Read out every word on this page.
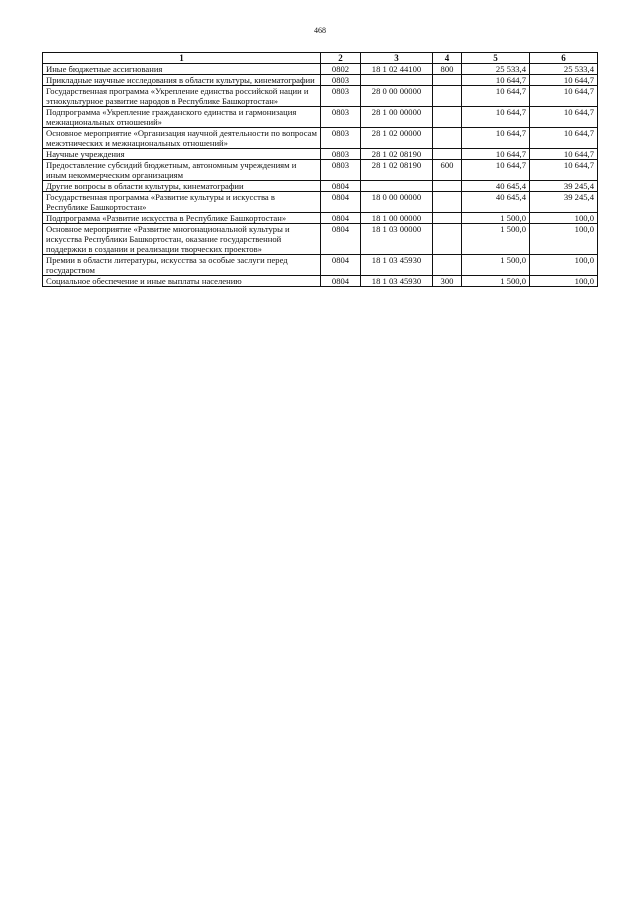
468
1	2	3	4	5	6
Иные бюджетные ассигнования	0802	18 1 02 44100	800	25 533,4	25 533,4
Прикладные научные исследования в области культуры, кинематографии	0803			10 644,7	10 644,7
Государственная программа «Укрепление единства российской нации и этнокультурное развитие народов в Республике Башкортостан»	0803	28 0 00 00000		10 644,7	10 644,7
Подпрограмма «Укрепление гражданского единства и гармонизация межнациональных отношений»	0803	28 1 00 00000		10 644,7	10 644,7
Основное мероприятие «Организация научной деятельности по вопросам межэтнических и межнациональных отношений»	0803	28 1 02 00000		10 644,7	10 644,7
Научные учреждения	0803	28 1 02 08190		10 644,7	10 644,7
Предоставление субсидий бюджетным, автономным учреждениям и иным некоммерческим организациям	0803	28 1 02 08190	600	10 644,7	10 644,7
Другие вопросы в области культуры, кинематографии	0804			40 645,4	39 245,4
Государственная программа «Развитие культуры и искусства в Республике Башкортостан»	0804	18 0 00 00000		40 645,4	39 245,4
Подпрограмма «Развитие искусства в Республике Башкортостан»	0804	18 1 00 00000		1 500,0	100,0
Основное мероприятие «Развитие многонациональной культуры и искусства Республики Башкортостан, оказание государственной поддержки в создании и реализации творческих проектов»	0804	18 1 03 00000		1 500,0	100,0
Премии в области литературы, искусства за особые заслуги перед государством	0804	18 1 03 45930		1 500,0	100,0
Социальное обеспечение и иные выплаты населению	0804	18 1 03 45930	300	1 500,0	100,0
